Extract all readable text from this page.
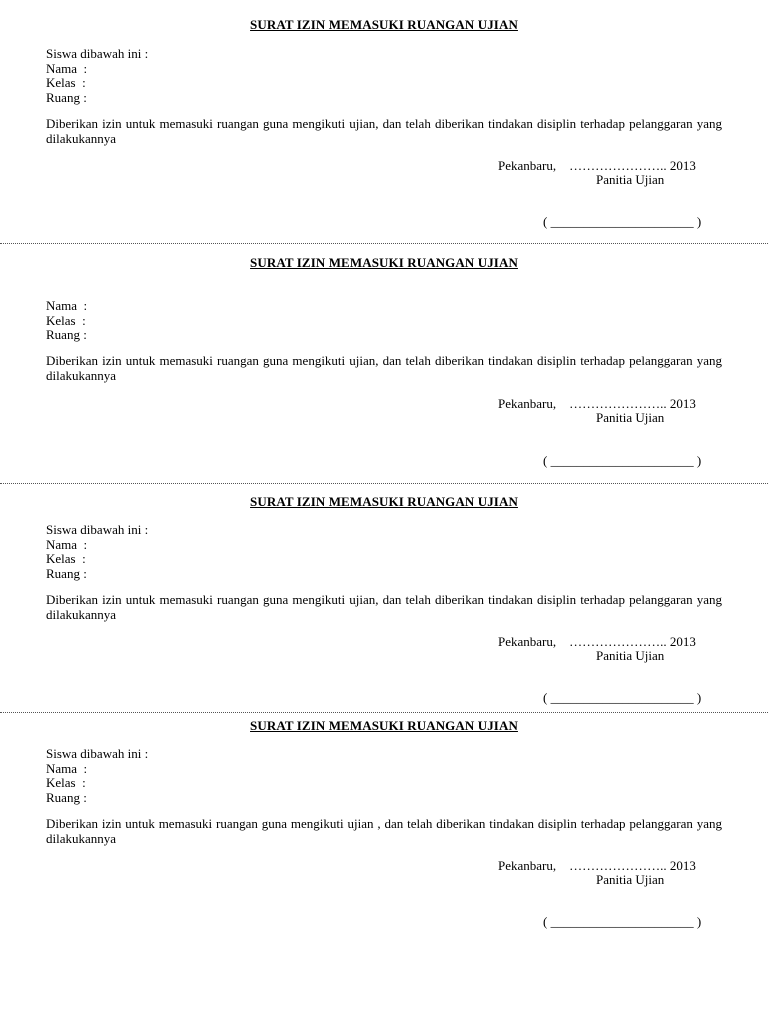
SURAT IZIN MEMASUKI RUANGAN UJIAN
Siswa dibawah ini :
Nama  :
Kelas  :
Ruang :
Diberikan izin untuk memasuki ruangan guna mengikuti ujian, dan telah diberikan tindakan disiplin terhadap pelanggaran yang dilakukannya
Pekanbaru,    ………………….. 2013
Panitia Ujian
( ______________________ )
SURAT IZIN MEMASUKI RUANGAN UJIAN
Nama  :
Kelas  :
Ruang :
Diberikan izin untuk memasuki ruangan guna mengikuti ujian, dan telah diberikan tindakan disiplin terhadap pelanggaran yang dilakukannya
Pekanbaru,    ………………….. 2013
Panitia Ujian
( ______________________ )
SURAT IZIN MEMASUKI RUANGAN UJIAN
Siswa dibawah ini :
Nama  :
Kelas  :
Ruang :
Diberikan izin untuk memasuki ruangan guna mengikuti ujian, dan telah diberikan tindakan disiplin terhadap pelanggaran yang dilakukannya
Pekanbaru,    ………………….. 2013
Panitia Ujian
( ______________________ )
SURAT IZIN MEMASUKI RUANGAN UJIAN
Siswa dibawah ini :
Nama  :
Kelas  :
Ruang :
Diberikan izin untuk memasuki ruangan guna mengikuti ujian , dan telah diberikan tindakan disiplin terhadap pelanggaran yang dilakukannya
Pekanbaru,    ………………….. 2013
Panitia Ujian
( ______________________ )
